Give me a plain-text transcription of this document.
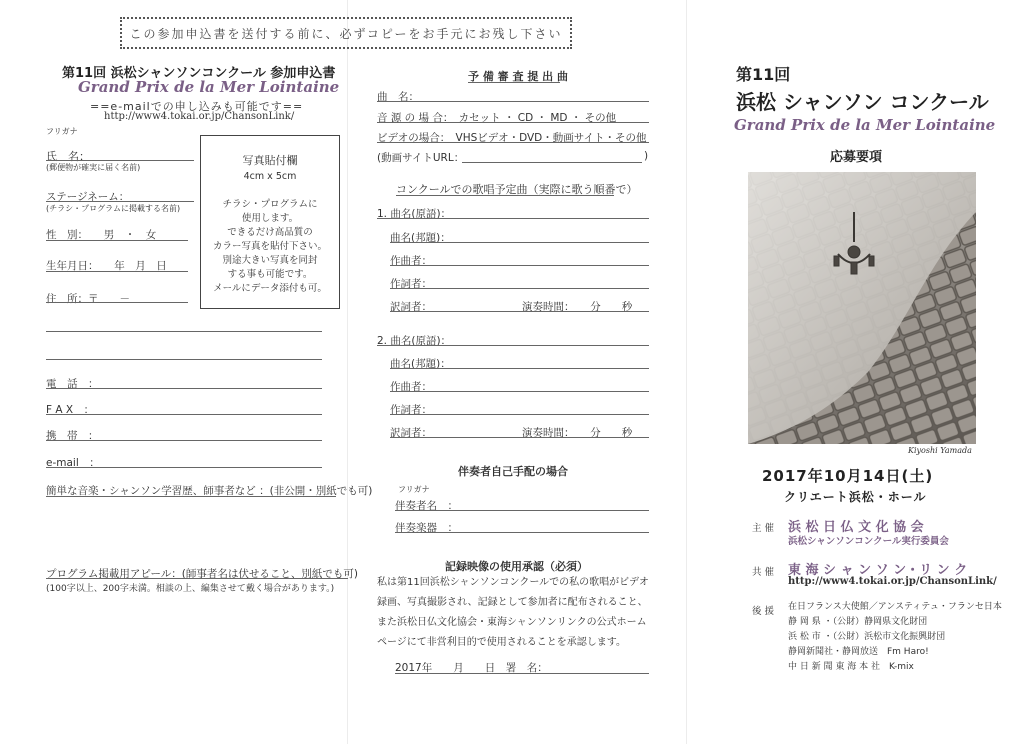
この参加申込書を送付する前に、必ずコピーをお手元にお残し下さい
第11回 浜松シャンソンコンクール 参加申込書
Grand Prix de la Mer Lointaine
==e-mailでの申し込みも可能です==
http://www4.tokai.or.jp/ChansonLink/
フリガナ
氏　名：
(郵便物が確実に届く名前)
ステージネーム：
(チラシ・プログラムに掲載する名前)
性　別：　　男　・　女
生年月日：　　年　月　日
住　所：〒　　－
電　話　：
F A X　：
携　帯　：
e-mail　：
簡単な音楽・シャンソン学習歴、師事者など ：(非公開・別紙でも可)
プログラム掲載用アピール：(師事者名は伏せること、別紙でも可)
(100字以上、200字未満。相談の上、編集させて戴く場合があります。)
写真貼付欄
4cm x 5cm
チラシ・プログラムに
使用します。
できるだけ高品質の
カラー写真を貼付下さい。
別途大きい写真を同封
する事も可能です。
メールにデータ添付も可。
予 備 審 査 提 出 曲
曲　名：
音 源 の 場 合：　カセット ・ CD ・ MD ・ その他
ビデオの場合：　VHSビデオ・DVD・動画サイト・その他
(動画サイトURL：	)
コンクールでの歌唱予定曲（実際に歌う順番で）
1. 曲名(原語)：
曲名(邦題)：
作曲者：
作詞者：
訳詞者：	演奏時間：　　分　　秒
2. 曲名(原語)：
曲名(邦題)：
作曲者：
作詞者：
訳詞者：	演奏時間：　　分　　秒
伴奏者自己手配の場合
フリガナ
伴奏者名　：
伴奏楽器　：
記録映像の使用承認（必須）
私は第11回浜松シャンソンコンクールでの私の歌唱がビデオ録画、写真撮影され、記録として参加者に配布されること、また浜松日仏文化協会・東海シャンソンリンクの公式ホームページにて非営利目的で使用されることを承認します。
2017年　　月　　日　署　名：
第11回
浜松 シャンソン コンクール
Grand Prix de la Mer Lointaine
応募要項
Kiyoshi Yamada
2017年10月14日(土)
クリエート浜松・ホール
主 催 浜 松 日 仏 文 化 協 会
浜松シャンソンコンクール実行委員会
共 催 東 海 シ ャ ン ソ ン・リ ン ク
http://www4.tokai.or.jp/ChansonLink/
後 援 在日フランス大使館／アンスティテュ・フランセ日本
静 岡 県 ・（公財）静岡県文化財団
浜 松 市 ・（公財）浜松市文化振興財団
静岡新聞社・静岡放送　Fm Haro!
中 日 新 聞 東 海 本 社　K-mix
